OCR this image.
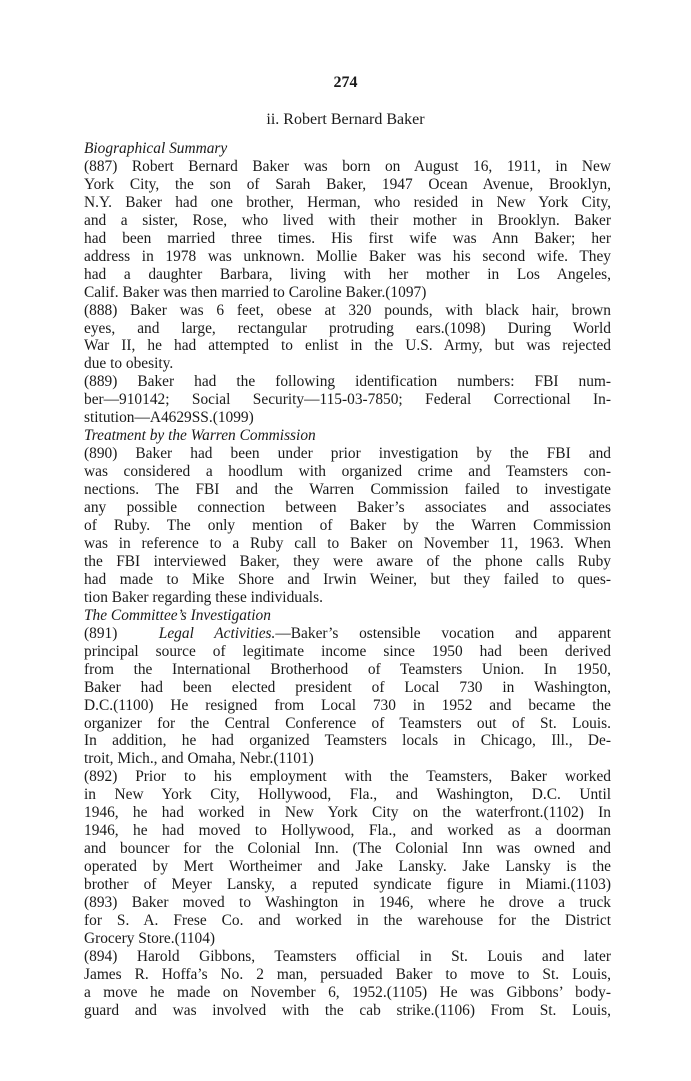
274
ii. Robert Bernard Baker
Biographical Summary
(887) Robert Bernard Baker was born on August 16, 1911, in New
York City, the son of Sarah Baker, 1947 Ocean Avenue, Brooklyn,
N.Y. Baker had one brother, Herman, who resided in New York City,
and a sister, Rose, who lived with their mother in Brooklyn. Baker
had been married three times. His first wife was Ann Baker; her
address in 1978 was unknown. Mollie Baker was his second wife. They
had a daughter Barbara, living with her mother in Los Angeles,
Calif. Baker was then married to Caroline Baker.(1097)
(888) Baker was 6 feet, obese at 320 pounds, with black hair, brown
eyes, and large, rectangular protruding ears.(1098) During World
War II, he had attempted to enlist in the U.S. Army, but was rejected
due to obesity.
(889) Baker had the following identification numbers: FBI num-
ber—910142; Social Security—115-03-7850; Federal Correctional In-
stitution—A4629SS.(1099)
Treatment by the Warren Commission
(890) Baker had been under prior investigation by the FBI and
was considered a hoodlum with organized crime and Teamsters con-
nections. The FBI and the Warren Commission failed to investigate
any possible connection between Baker’s associates and associates
of Ruby. The only mention of Baker by the Warren Commission
was in reference to a Ruby call to Baker on November 11, 1963. When
the FBI interviewed Baker, they were aware of the phone calls Ruby
had made to Mike Shore and Irwin Weiner, but they failed to ques-
tion Baker regarding these individuals.
The Committee’s Investigation
(891)  Legal Activities.—Baker’s ostensible vocation and apparent
principal source of legitimate income since 1950 had been derived
from the International Brotherhood of Teamsters Union. In 1950,
Baker had been elected president of Local 730 in Washington,
D.C.(1100) He resigned from Local 730 in 1952 and became the
organizer for the Central Conference of Teamsters out of St. Louis.
In addition, he had organized Teamsters locals in Chicago, Ill., De-
troit, Mich., and Omaha, Nebr.(1101)
(892) Prior to his employment with the Teamsters, Baker worked
in New York City, Hollywood, Fla., and Washington, D.C. Until
1946, he had worked in New York City on the waterfront.(1102) In
1946, he had moved to Hollywood, Fla., and worked as a doorman
and bouncer for the Colonial Inn. (The Colonial Inn was owned and
operated by Mert Wortheimer and Jake Lansky. Jake Lansky is the
brother of Meyer Lansky, a reputed syndicate figure in Miami.(1103)
(893) Baker moved to Washington in 1946, where he drove a truck
for S. A. Frese Co. and worked in the warehouse for the District
Grocery Store.(1104)
(894) Harold Gibbons, Teamsters official in St. Louis and later
James R. Hoffa’s No. 2 man, persuaded Baker to move to St. Louis,
a move he made on November 6, 1952.(1105) He was Gibbons’ body-
guard and was involved with the cab strike.(1106) From St. Louis,
